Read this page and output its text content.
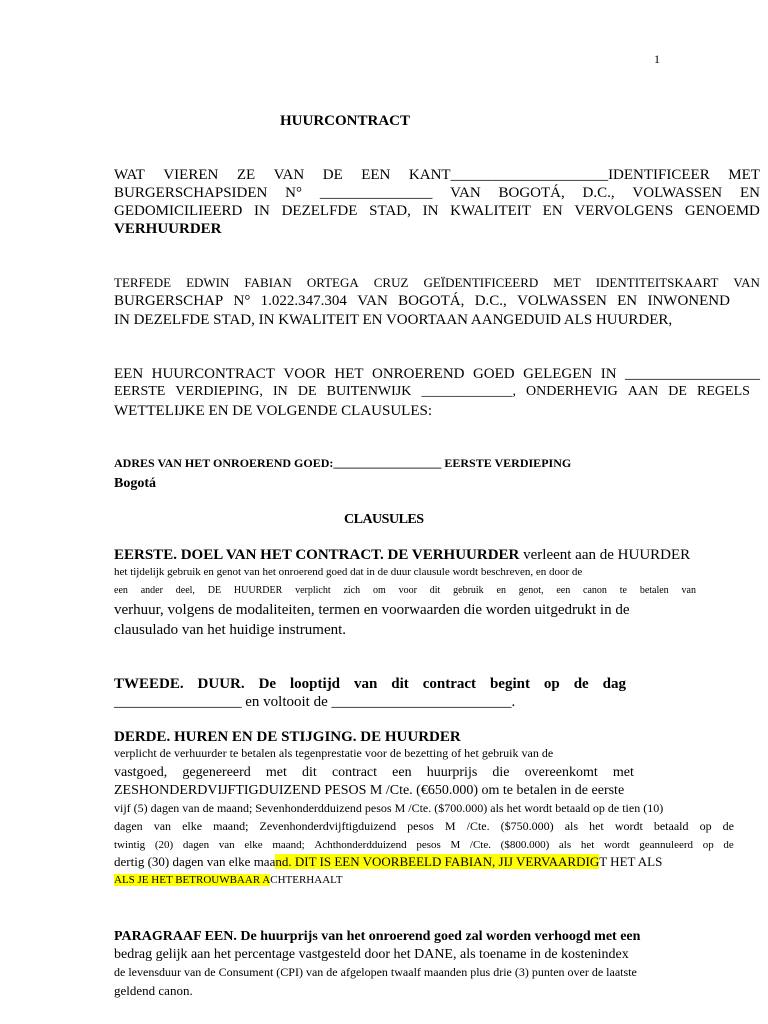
1
HUURCONTRACT
WAT VIEREN ZE VAN DE EEN KANT_____________________IDENTIFICEER MET
BURGERSCHAPSIDEN N° _______________ VAN BOGOTÁ, D.C., VOLWASSEN EN
GEDOMICILIEERD IN DEZELFDE STAD, IN KWALITEIT EN VERVOLGENS GENOEMD
VERHUURDER
TERFEDE EDWIN FABIAN ORTEGA CRUZ GEÏDENTIFICEERD MET IDENTITEITSKAART VAN
BURGERSCHAP N° 1.022.347.304 VAN BOGOTÁ, D.C., VOLWASSEN EN INWONEND
IN DEZELFDE STAD, IN KWALITEIT EN VOORTAAN AANGEDUID ALS HUURDER,
EEN HUURCONTRACT VOOR HET ONROEREND GOED GELEGEN IN __________________
EERSTE VERDIEPING, IN DE BUITENWIJK _____________, ONDERHEVIG AAN DE REGELS
WETTELIJKE EN DE VOLGENDE CLAUSULES:
ADRES VAN HET ONROEREND GOED:__________________ EERSTE VERDIEPING
Bogotá
CLAUSULES
EERSTE. DOEL VAN HET CONTRACT. DE VERHUURDER verleent aan de HUURDER
het tijdelijk gebruik en genot van het onroerend goed dat in de duur clausule wordt beschreven, en door de
een ander deel, DE HUURDER verplicht zich om voor dit gebruik en genot, een canon te betalen van
verhuur, volgens de modaliteiten, termen en voorwaarden die worden uitgedrukt in de
clausulado van het huidige instrument.
TWEEDE. DUUR. De looptijd van dit contract begint op de dag
_________________ en voltooit de ________________________.
DERDE. HUREN EN DE STIJGING. DE HUURDER
verplicht de verhuurder te betalen als tegenprestatie voor de bezetting of het gebruik van de
vastgoed, gegenereerd met dit contract een huurprijs die overeenkomt met
ZESHONDERDVIJFTIGDUIZEND PESOS M /Cte. (€650.000) om te betalen in de eerste
vijf (5) dagen van de maand; Sevenhonderdduizend pesos M /Cte. ($700.000) als het wordt betaald op de tien (10)
dagen van elke maand; Zevenhonderdvijftigduizend pesos M /Cte. ($750.000) als het wordt betaald op de
twintig (20) dagen van elke maand; Achthonderdduizend pesos M /Cte. ($800.000) als het wordt geannuleerd op de
dertig (30) dagen van elke maand. DIT IS EEN VOORBEELD FABIAN, JIJ VERVAARDIGT HET ALS
ALS JE HET BETROUWBAAR ACHTERHAALT
PARAGRAAF EEN. De huurprijs van het onroerend goed zal worden verhoogd met een
bedrag gelijk aan het percentage vastgesteld door het DANE, als toename in de kostenindex
de levensduur van de Consument (CPI) van de afgelopen twaalf maanden plus drie (3) punten over de laatste
geldend canon.
